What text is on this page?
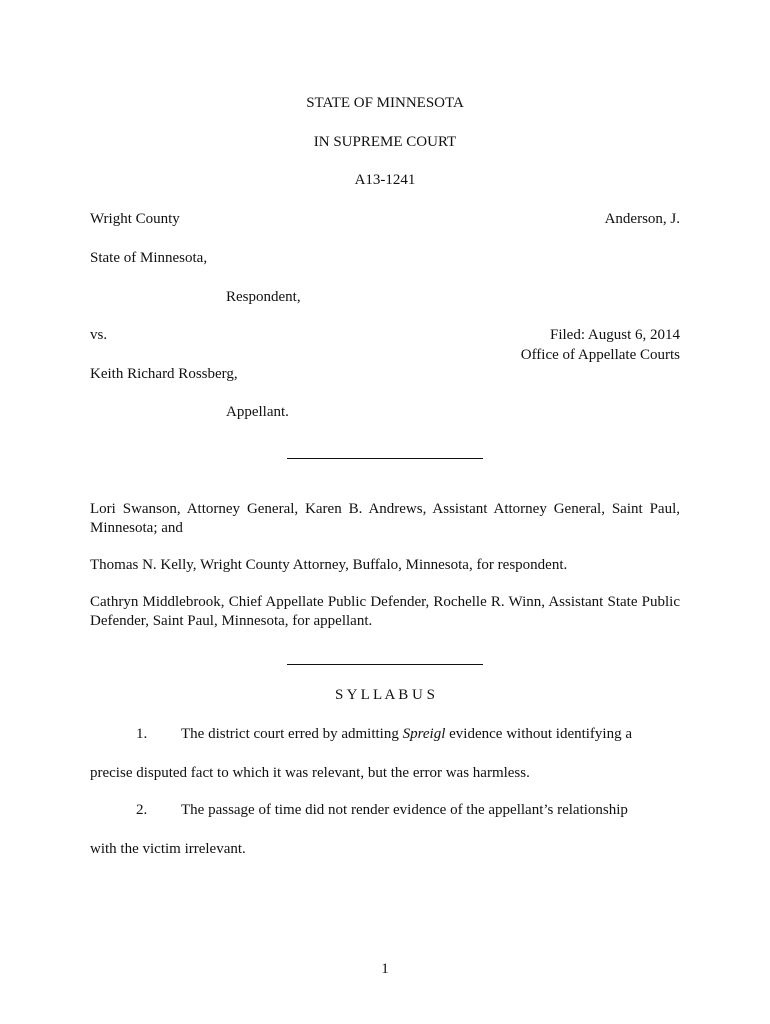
STATE OF MINNESOTA
IN SUPREME COURT
A13-1241
Wright County	Anderson, J.
State of Minnesota,
Respondent,
vs.	Filed: August 6, 2014
Office of Appellate Courts
Keith Richard Rossberg,
Appellant.
Lori Swanson, Attorney General, Karen B. Andrews, Assistant Attorney General, Saint Paul, Minnesota; and
Thomas N. Kelly, Wright County Attorney, Buffalo, Minnesota, for respondent.
Cathryn Middlebrook, Chief Appellate Public Defender, Rochelle R. Winn, Assistant State Public Defender, Saint Paul, Minnesota, for appellant.
S Y L L A B U S
1.	The district court erred by admitting Spreigl evidence without identifying a
precise disputed fact to which it was relevant, but the error was harmless.
2.	The passage of time did not render evidence of the appellant’s relationship
with the victim irrelevant.
1
